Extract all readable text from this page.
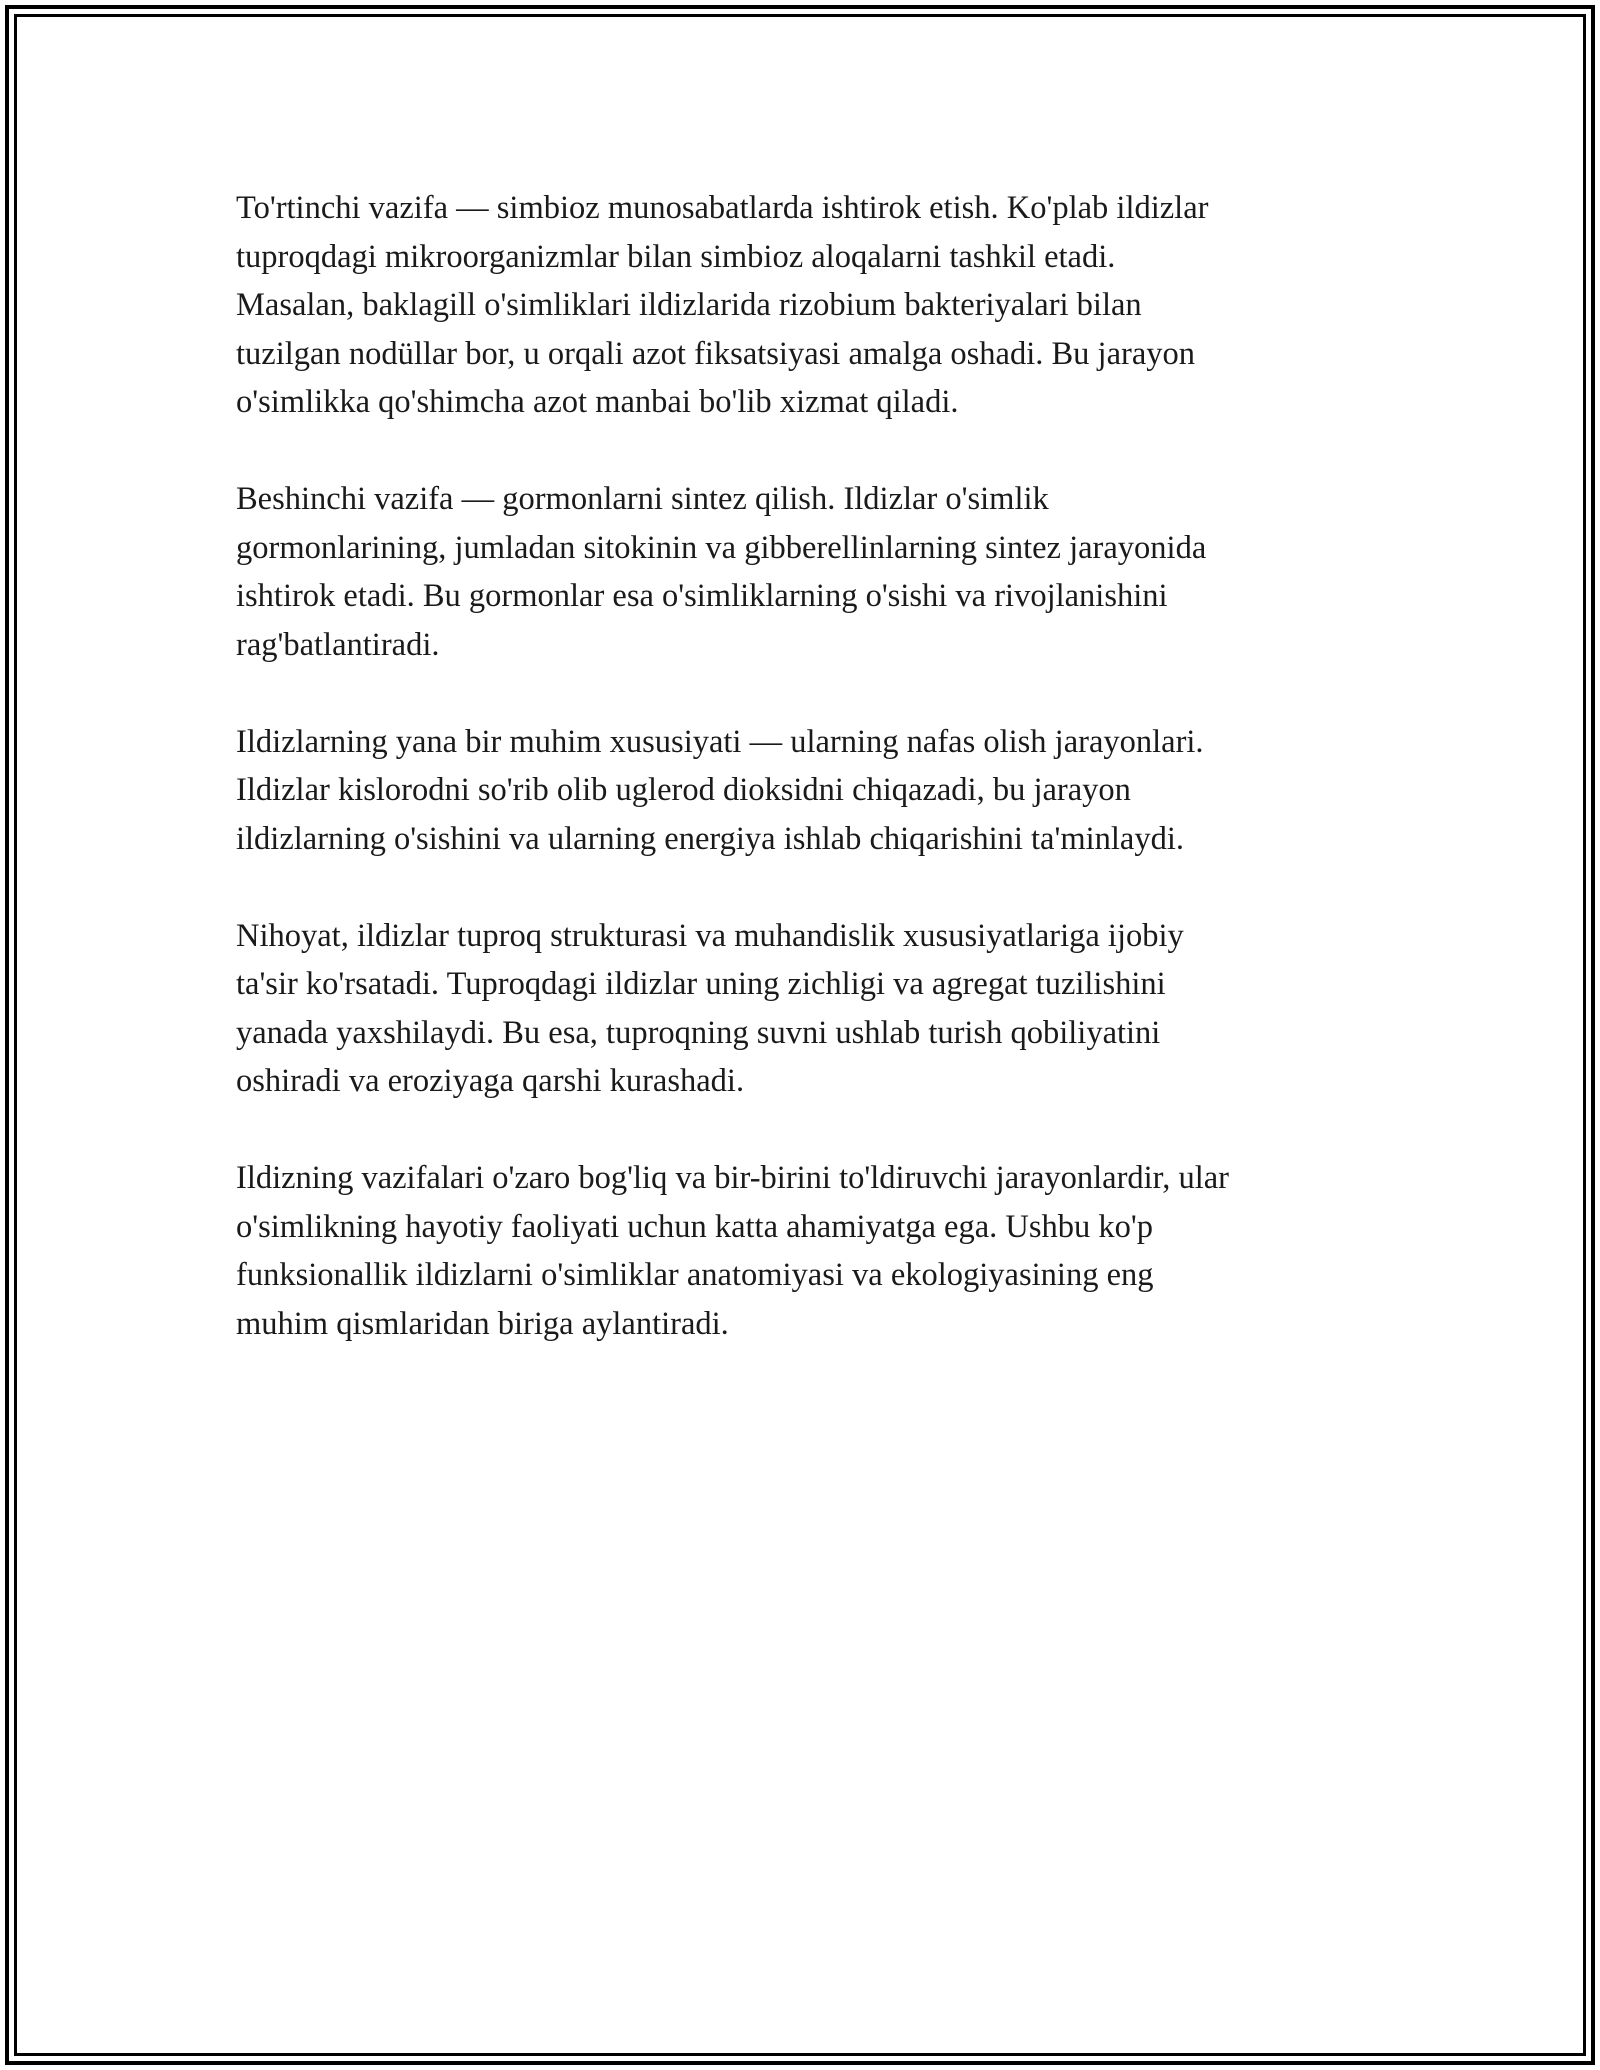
To'rtinchi vazifa — simbioz munosabatlarda ishtirok etish. Ko'plab ildizlar
tuproqdagi mikroorganizmlar bilan simbioz aloqalarni tashkil etadi.
Masalan, baklagill o'simliklari ildizlarida rizobium bakteriyalari bilan
tuzilgan nodüllar bor, u orqali azot fiksatsiyasi amalga oshadi. Bu jarayon
o'simlikka qo'shimcha azot manbai bo'lib xizmat qiladi.

Beshinchi vazifa — gormonlarni sintez qilish. Ildizlar o'simlik
gormonlarining, jumladan sitokinin va gibberellinlarning sintez jarayonida
ishtirok etadi. Bu gormonlar esa o'simliklarning o'sishi va rivojlanishini
rag'batlantiradi.

Ildizlarning yana bir muhim xususiyati — ularning nafas olish jarayonlari.
Ildizlar kislorodni so'rib olib uglerod dioksidni chiqazadi, bu jarayon
ildizlarning o'sishini va ularning energiya ishlab chiqarishini ta'minlaydi.

Nihoyat, ildizlar tuproq strukturasi va muhandislik xususiyatlariga ijobiy
ta'sir ko'rsatadi. Tuproqdagi ildizlar uning zichligi va agregat tuzilishini
yanada yaxshilaydi. Bu esa, tuproqning suvni ushlab turish qobiliyatini
oshiradi va eroziyaga qarshi kurashadi.

Ildizning vazifalari o'zaro bog'liq va bir-birini to'ldiruvchi jarayonlardir, ular
o'simlikning hayotiy faoliyati uchun katta ahamiyatga ega. Ushbu ko'p
funksionallik ildizlarni o'simliklar anatomiyasi va ekologiyasining eng
muhim qismlaridan biriga aylantiradi.
